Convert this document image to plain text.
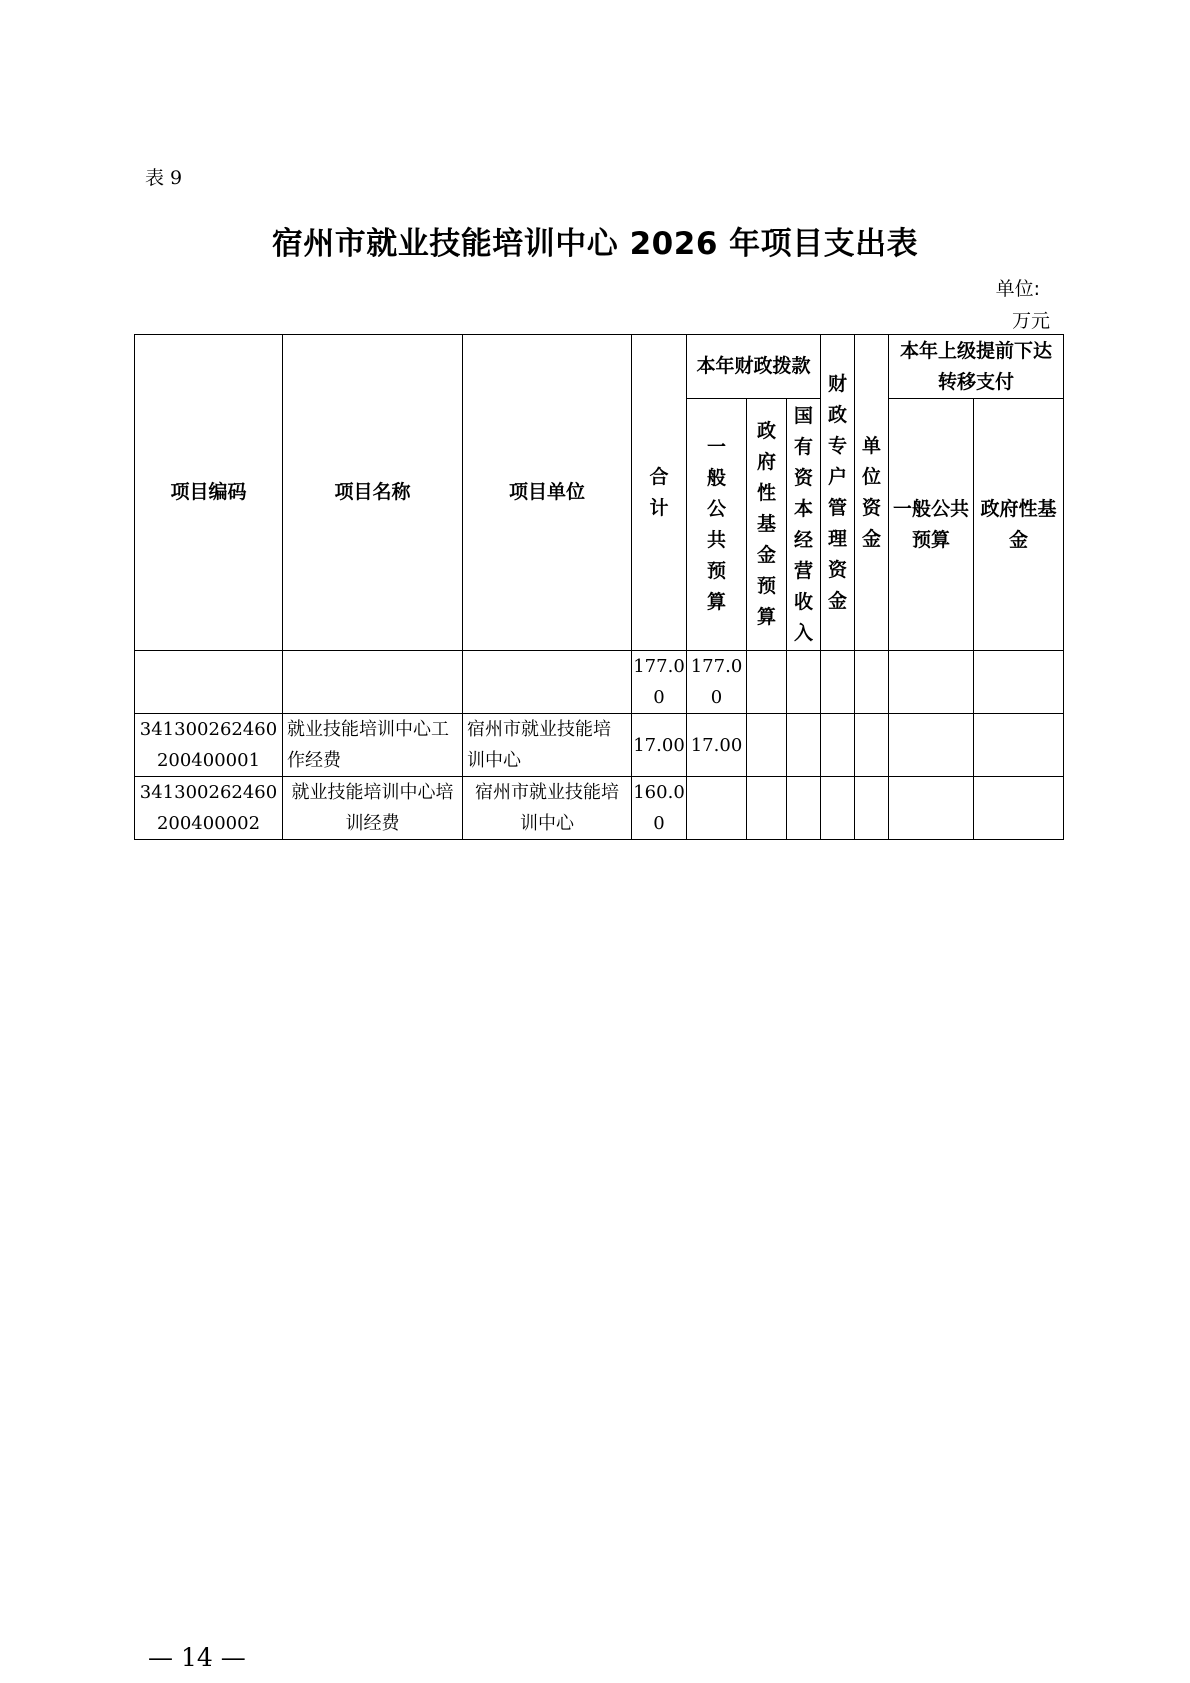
表 9
宿州市就业技能培训中心 2026 年项目支出表
单位:
万元
项目编码	项目名称	项目单位	合计	本年财政拨款			财政专户管理资金	单位资金	本年上级提前下达转移支付	

				一般公共预算	政府性基金预算	国有资本经营收入			一般公共预算	政府性基金

			177.00	177.00						

341300262460200400001	就业技能培训中心工作经费	宿州市就业技能培训中心	17.00	17.00						

341300262460200400002	就业技能培训中心培训经费	宿州市就业技能培训中心	160.00							

— 14 —
